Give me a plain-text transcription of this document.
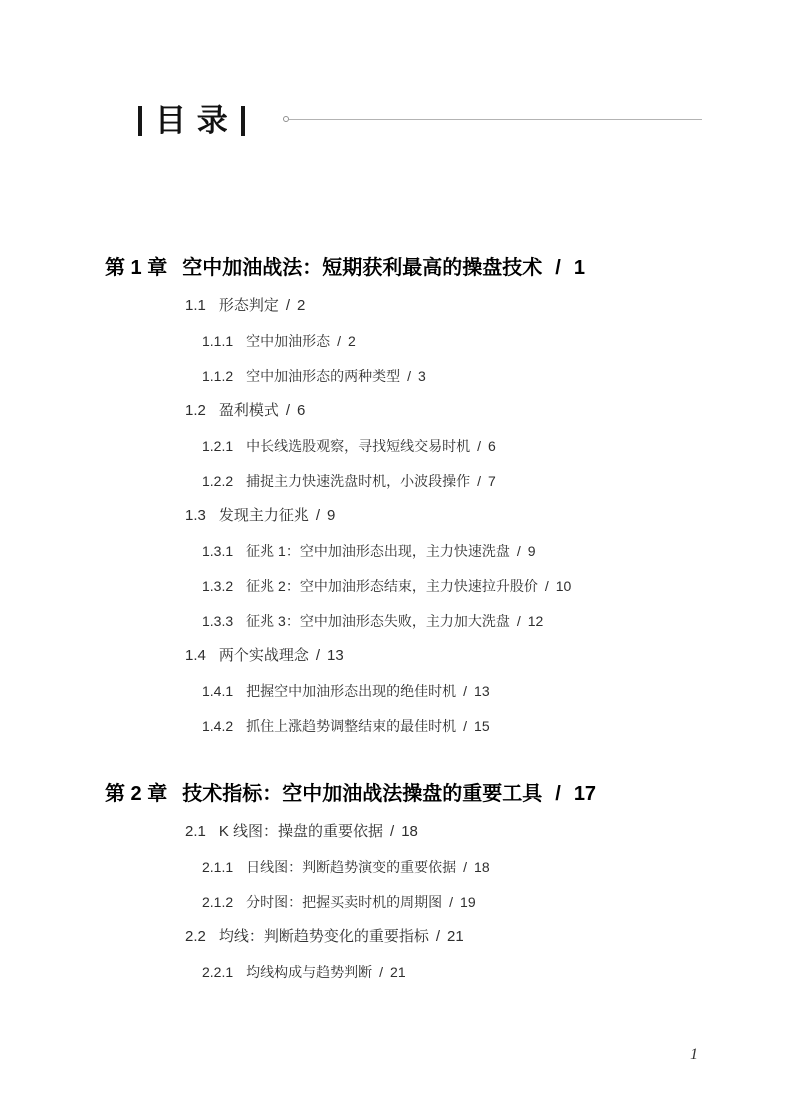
目 录
第 1 章 空中加油战法：短期获利最高的操盘技术 / 1
1.1 形态判定 / 2
1.1.1 空中加油形态 / 2
1.1.2 空中加油形态的两种类型 / 3
1.2 盈利模式 / 6
1.2.1 中长线选股观察，寻找短线交易时机 / 6
1.2.2 捕捉主力快速洗盘时机，小波段操作 / 7
1.3 发现主力征兆 / 9
1.3.1 征兆 1：空中加油形态出现，主力快速洗盘 / 9
1.3.2 征兆 2：空中加油形态结束，主力快速拉升股价 / 10
1.3.3 征兆 3：空中加油形态失败，主力加大洗盘 / 12
1.4 两个实战理念 / 13
1.4.1 把握空中加油形态出现的绝佳时机 / 13
1.4.2 抓住上涨趋势调整结束的最佳时机 / 15
第 2 章 技术指标：空中加油战法操盘的重要工具 / 17
2.1 K 线图：操盘的重要依据 / 18
2.1.1 日线图：判断趋势演变的重要依据 / 18
2.1.2 分时图：把握买卖时机的周期图 / 19
2.2 均线：判断趋势变化的重要指标 / 21
2.2.1 均线构成与趋势判断 / 21
1
